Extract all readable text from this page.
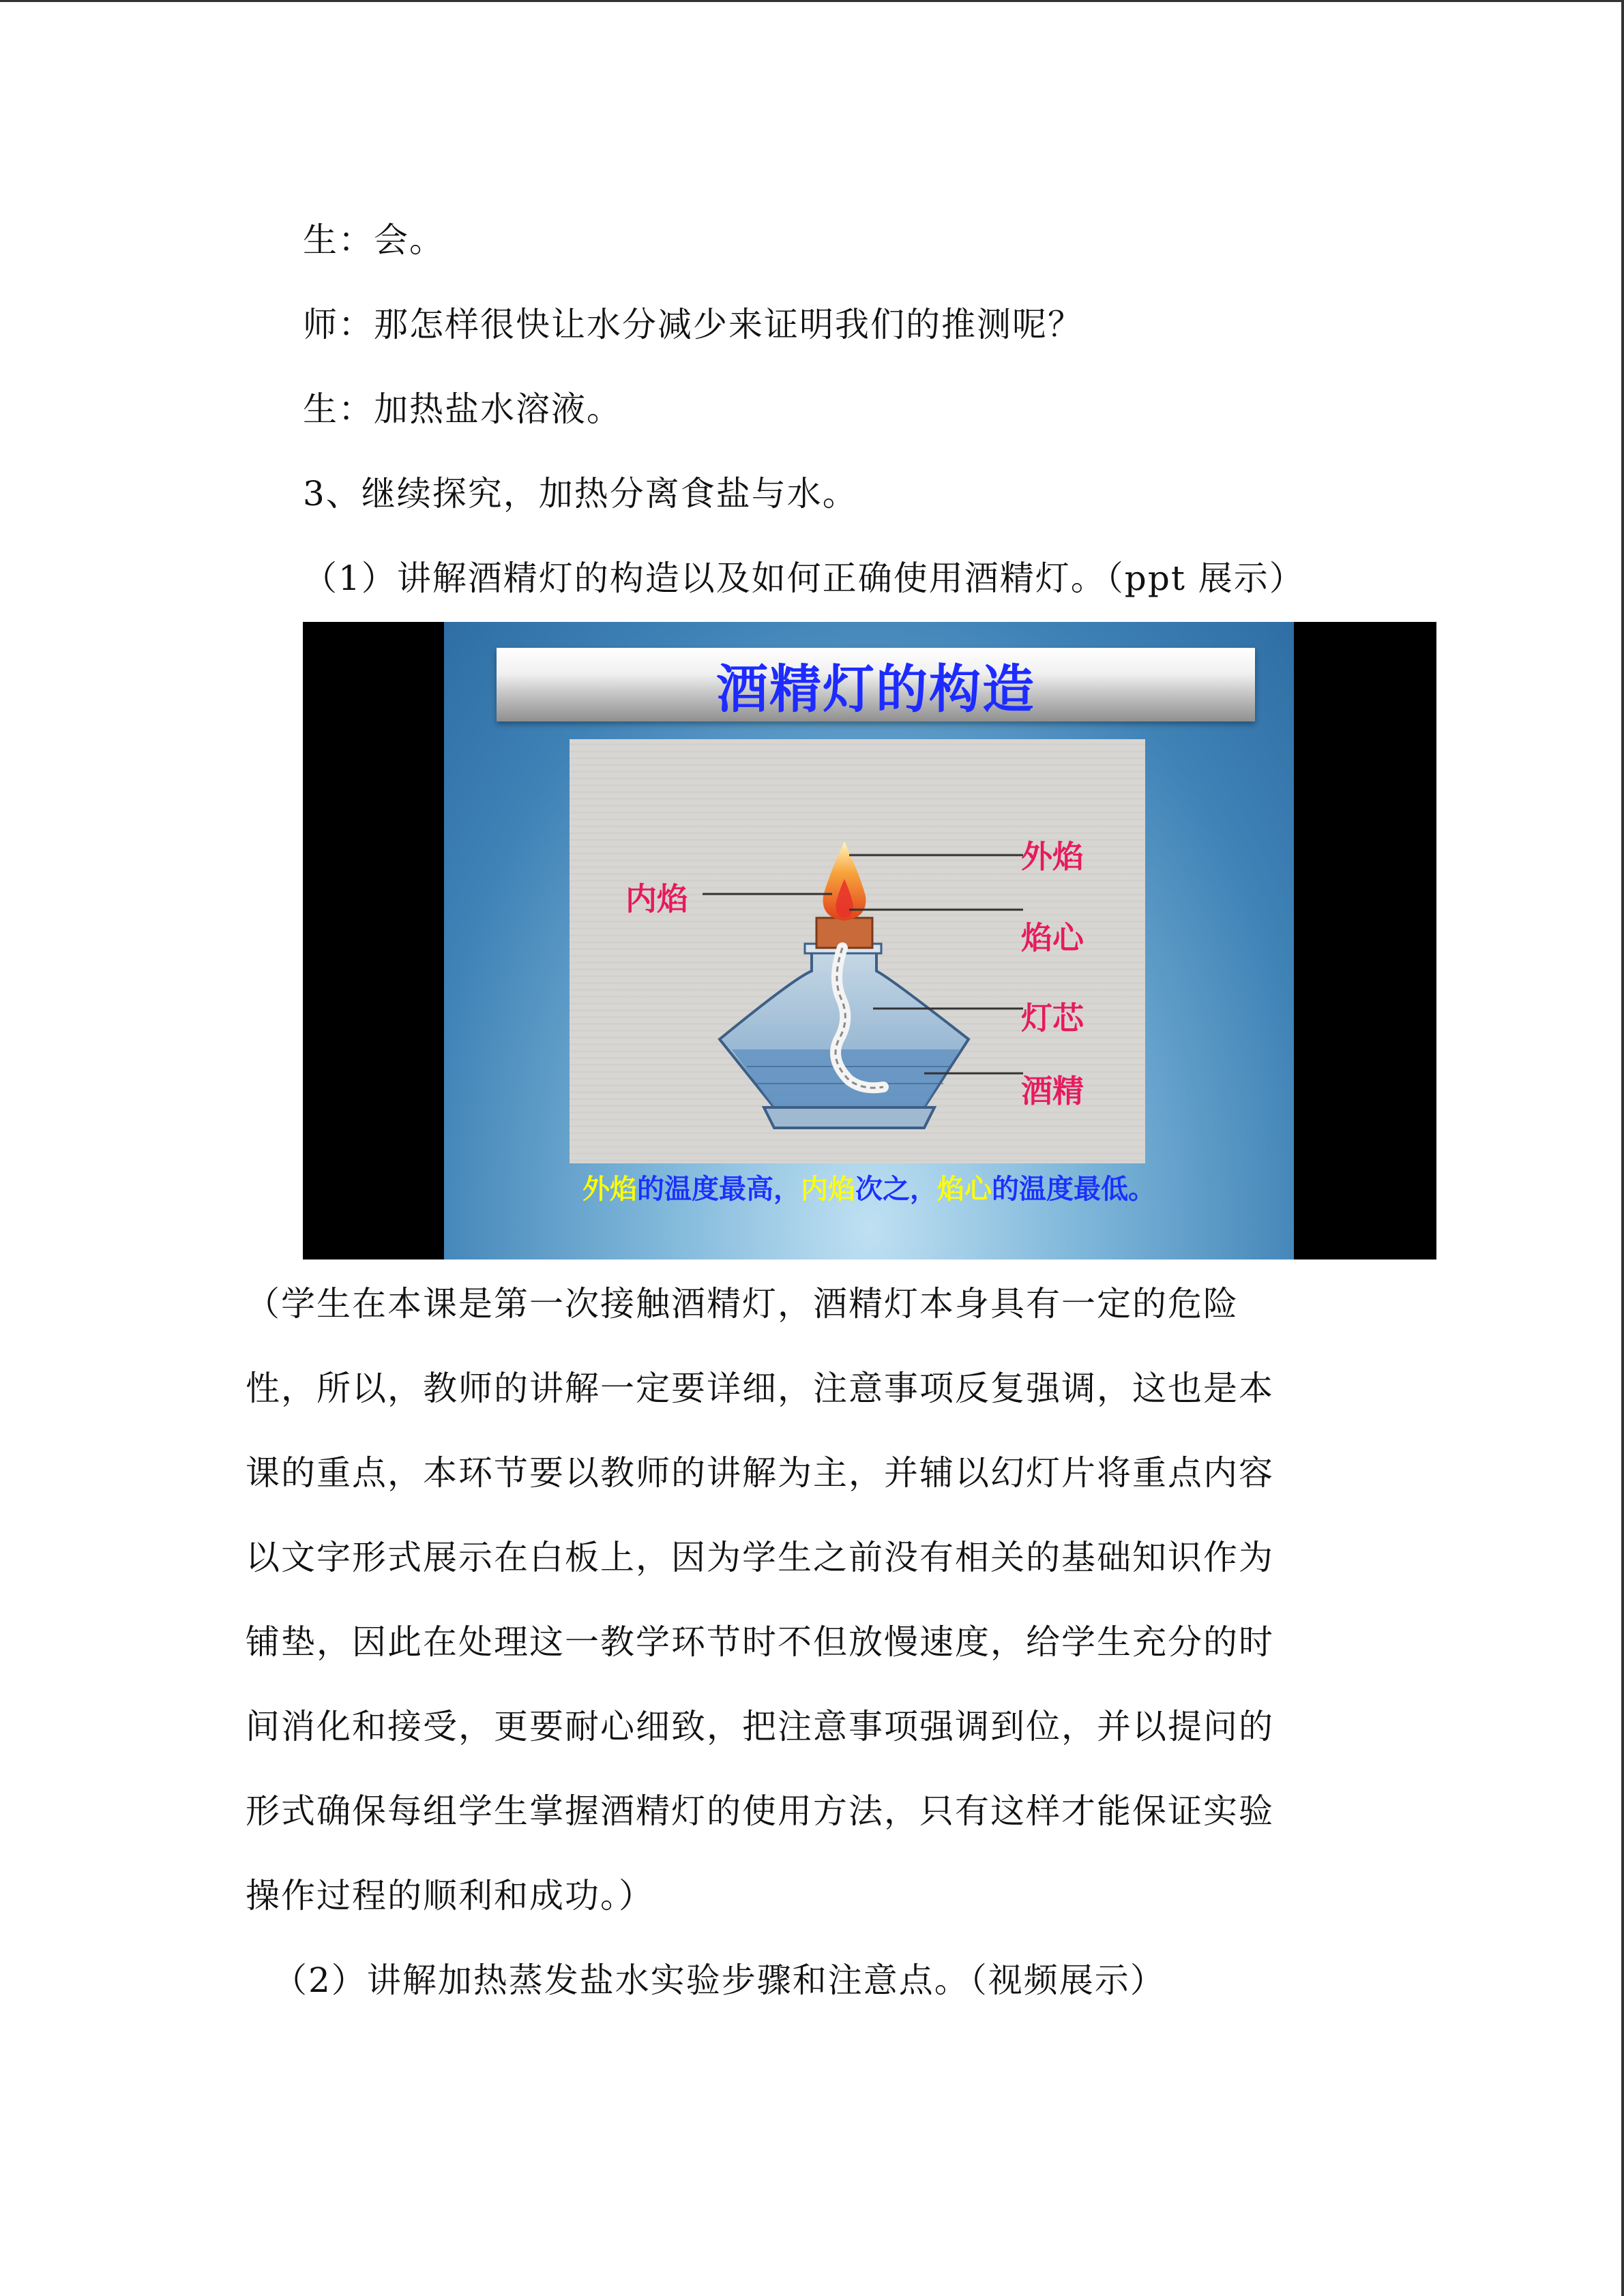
生：会。

师：那怎样很快让水分减少来证明我们的推测呢？

生：加热盐水溶液。

3、继续探究，加热分离食盐与水。

（1）讲解酒精灯的构造以及如何正确使用酒精灯。（ppt 展示）

酒精灯的构造
外焰
内焰
焰心
灯芯
酒精
外焰的温度最高，内焰次之，焰心的温度最低。

（学生在本课是第一次接触酒精灯，酒精灯本身具有一定的危险

性，所以，教师的讲解一定要详细，注意事项反复强调，这也是本

课的重点，本环节要以教师的讲解为主，并辅以幻灯片将重点内容

以文字形式展示在白板上，因为学生之前没有相关的基础知识作为

铺垫，因此在处理这一教学环节时不但放慢速度，给学生充分的时

间消化和接受，更要耐心细致，把注意事项强调到位，并以提问的

形式确保每组学生掌握酒精灯的使用方法，只有这样才能保证实验

操作过程的顺利和成功。）

（2）讲解加热蒸发盐水实验步骤和注意点。（视频展示）
